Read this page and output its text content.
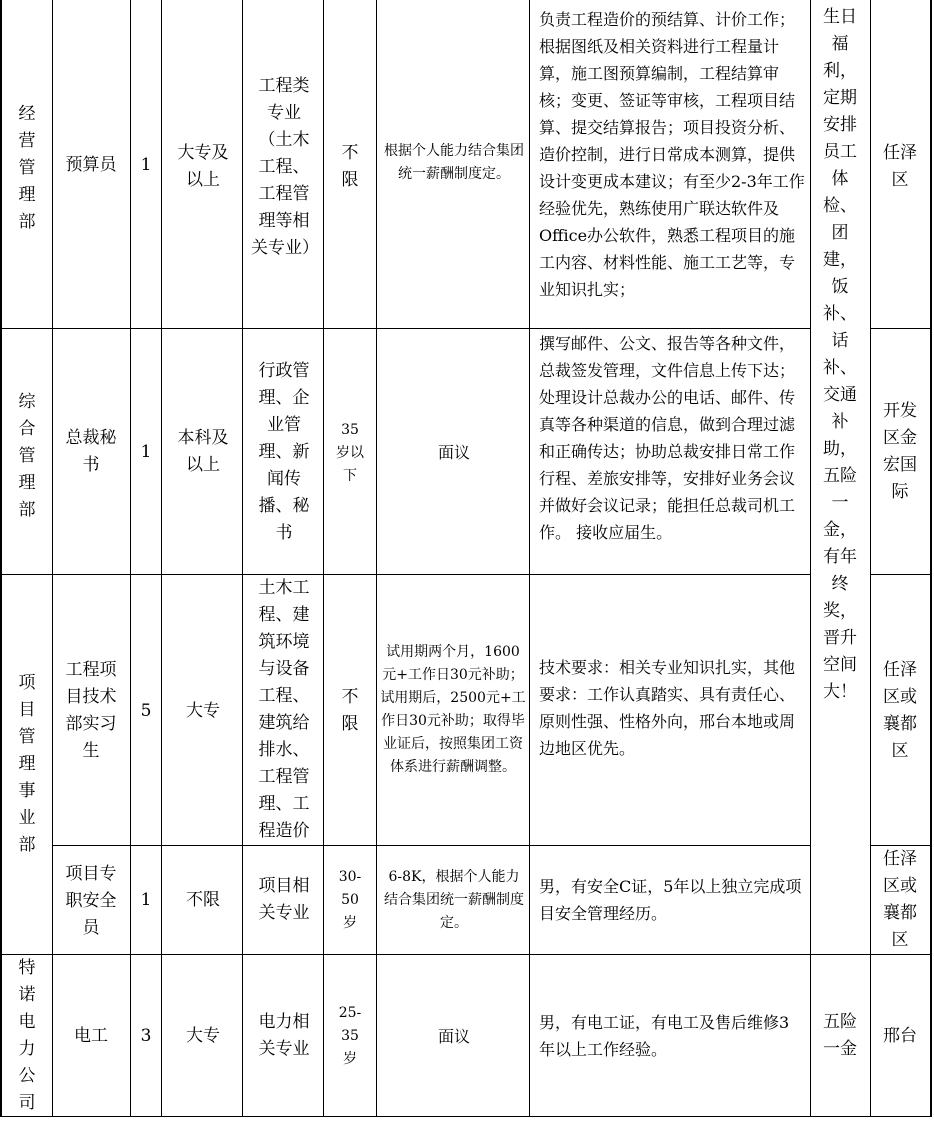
经营管理部
预算员 1
大专及以上
工程类专业（土木工程、工程管理等相关专业）
不限
根据个人能力结合集团统一薪酬制度定。
负责工程造价的预结算、计价工作；根据图纸及相关资料进行工程量计算，施工图预算编制，工程结算审核；变更、签证等审核，工程项目结算、提交结算报告；项目投资分析、造价控制，进行日常成本测算，提供设计变更成本建议；有至少2-3年工作经验优先，熟练使用广联达软件及Office办公软件，熟悉工程项目的施工内容、材料性能、施工工艺等，专业知识扎实；
任泽区
综合管理部
总裁秘书
1
本科及以上
行政管理、企业管理、新闻传播、秘书
35岁以下
面议
撰写邮件、公文、报告等各种文件，总裁签发管理，文件信息上传下达；处理设计总裁办公的电话、邮件、传真等各种渠道的信息，做到合理过滤和正确传达；协助总裁安排日常工作行程、差旅安排等，安排好业务会议并做好会议记录；能担任总裁司机工作。 接收应届生。
开发区金宏国际
项目管理事业部
工程项目技术部实习生
5 大专
土木工程、建筑环境与设备工程、建筑给排水、工程管理、工程造价
不限
试用期两个月，1600元+工作日30元补助；试用期后，2500元+工作日30元补助；取得毕业证后，按照集团工资体系进行薪酬调整。
技术要求：相关专业知识扎实，其他要求：工作认真踏实、具有责任心、原则性强、性格外向，邢台本地或周边地区优先。
任泽区或襄都区
项目专职安全员
1 不限
项目相关专业
30-50岁
6-8K，根据个人能力结合集团统一薪酬制度定。
男，有安全C证，5年以上独立完成项目安全管理经历。
任泽区或襄都区
特诺电力公司
电工 3 大专
电力相关专业
25-35岁
面议
男，有电工证，有电工及售后维修3年以上工作经验。
五险一金
邢台
生日福利，定期安排员工体检、团建，饭补、话补、交通补助，五险一金，有年终奖，晋升空间大！
